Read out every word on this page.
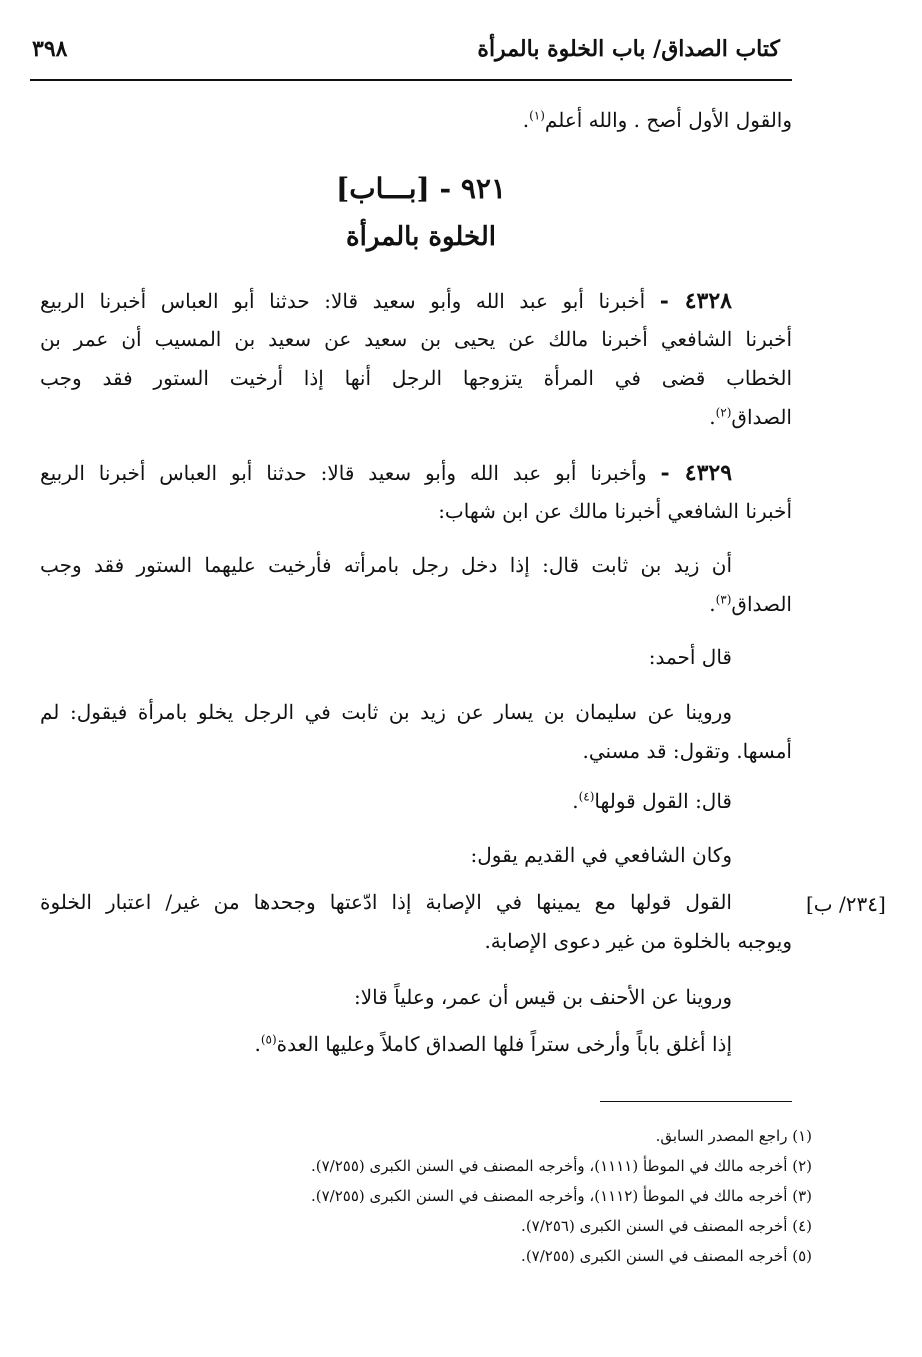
كتاب الصداق/ باب الخلوة بالمرأة
٣٩٨
والقول الأول أصح . والله أعلم$^{(١)}$.
٩٢١ - [بـــاب]
الخلوة بالمرأة
٤٣٢٨ - أخبرنا أبو عبد الله وأبو سعيد قالا: حدثنا أبو العباس أخبرنا الربيع
أخبرنا الشافعي أخبرنا مالك عن يحيى بن سعيد عن سعيد بن المسيب أن عمر بن
الخطاب قضى في المرأة يتزوجها الرجل أنها إذا أرخيت الستور فقد وجب
الصداق$^{(٢)}$.
٤٣٢٩ - وأخبرنا أبو عبد الله وأبو سعيد قالا: حدثنا أبو العباس أخبرنا الربيع
أخبرنا الشافعي أخبرنا مالك عن ابن شهاب:
أن زيد بن ثابت قال: إذا دخل رجل بامرأته فأرخيت عليهما الستور فقد وجب
الصداق$^{(٣)}$.
قال أحمد:
وروينا عن سليمان بن يسار عن زيد بن ثابت في الرجل يخلو بامرأة فيقول: لم
أمسها. وتقول: قد مسني.
قال: القول قولها$^{(٤)}$.
وكان الشافعي في القديم يقول:
القول قولها مع يمينها في الإصابة إذا ادّعتها وجحدها من غير/ اعتبار الخلوة
ويوجبه بالخلوة من غير دعوى الإصابة.
[٢٣٤/ ب]
وروينا عن الأحنف بن قيس أن عمر، وعلياً قالا:
إذا أغلق باباً وأرخى ستراً فلها الصداق كاملاً وعليها العدة$^{(٥)}$.
(١) راجع المصدر السابق.
(٢) أخرجه مالك في الموطأ (١١١١)، وأخرجه المصنف في السنن الكبرى (٧/٢٥٥).
(٣) أخرجه مالك في الموطأ (١١١٢)، وأخرجه المصنف في السنن الكبرى (٧/٢٥٥).
(٤) أخرجه المصنف في السنن الكبرى (٧/٢٥٦).
(٥) أخرجه المصنف في السنن الكبرى (٧/٢٥٥).
